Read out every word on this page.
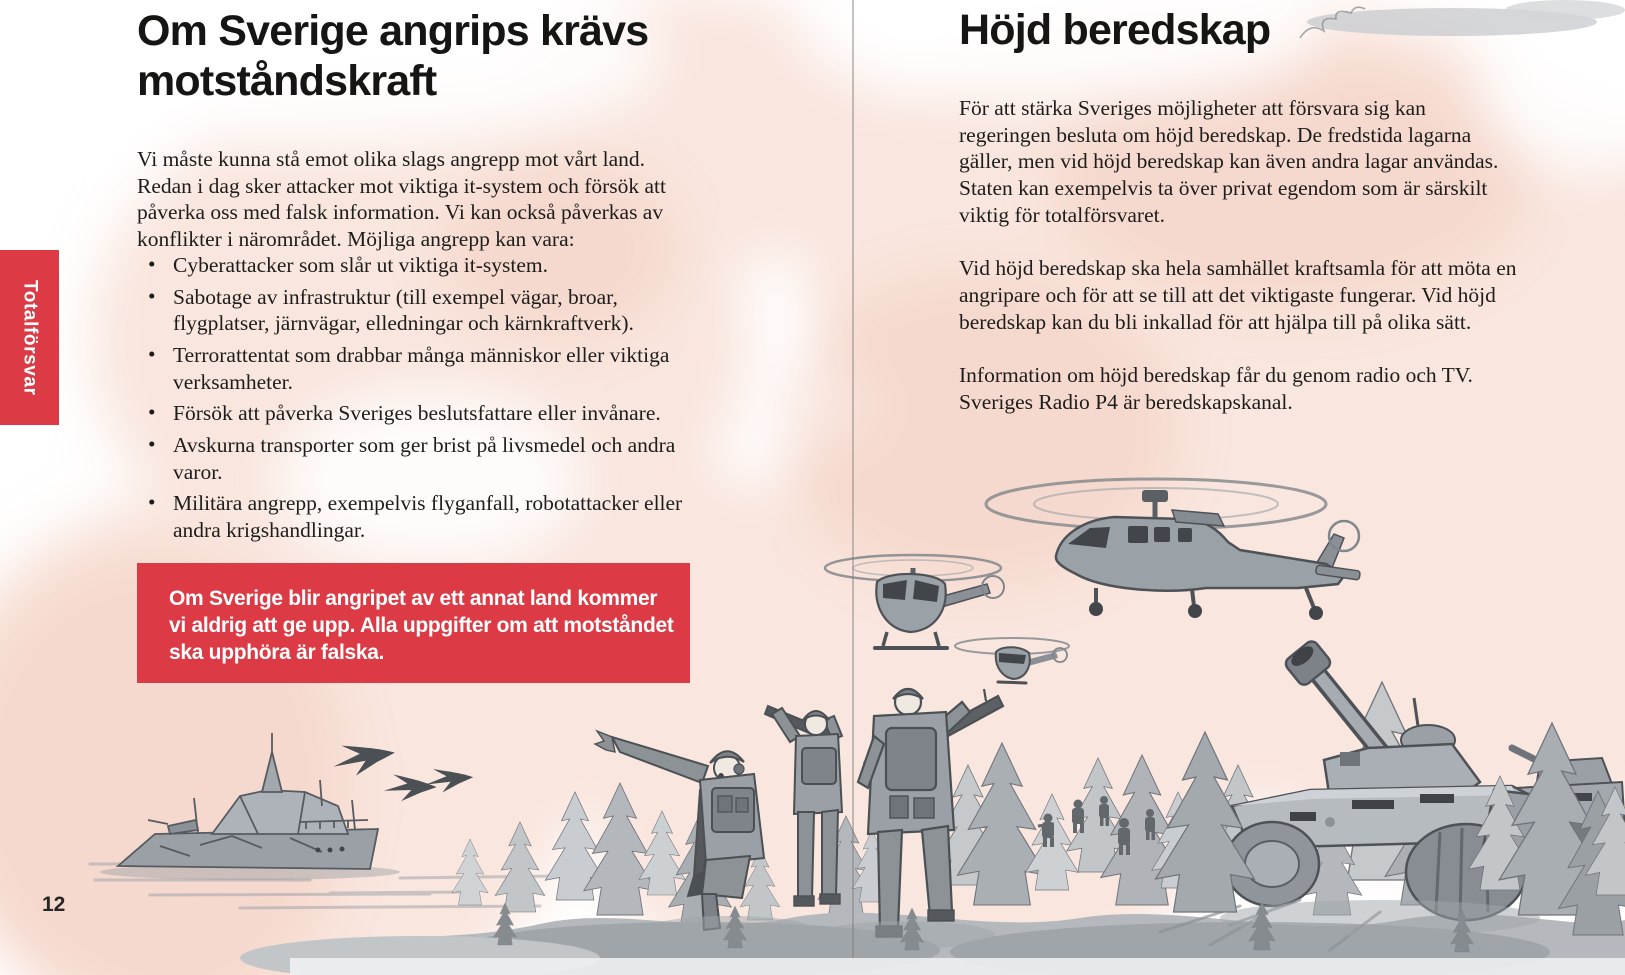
Totalförsvar
Om Sverige angrips krävs motståndskraft
Vi måste kunna stå emot olika slags angrepp mot vårt land. Redan i dag sker attacker mot viktiga it-system och försök att påverka oss med falsk information. Vi kan också påverkas av konflikter i närområdet. Möjliga angrepp kan vara:
• Cyberattacker som slår ut viktiga it-system.
• Sabotage av infrastruktur (till exempel vägar, broar, flygplatser, järnvägar, elledningar och kärnkraftverk).
• Terrorattentat som drabbar många människor eller viktiga verksamheter.
• Försök att påverka Sveriges beslutsfattare eller invånare.
• Avskurna transporter som ger brist på livsmedel och andra varor.
• Militära angrepp, exempelvis flyganfall, robotattacker eller andra krigshandlingar.
Om Sverige blir angripet av ett annat land kommer vi aldrig att ge upp. Alla uppgifter om att motståndet ska upphöra är falska.
12
Höjd beredskap

För att stärka Sveriges möjligheter att försvara sig kan regeringen besluta om höjd beredskap. De fredstida lagarna gäller, men vid höjd beredskap kan även andra lagar användas. Staten kan exempelvis ta över privat egendom som är särskilt viktig för totalförsvaret.

Vid höjd beredskap ska hela samhället kraftsamla för att möta en angripare och för att se till att det viktigaste fungerar. Vid höjd beredskap kan du bli inkallad för att hjälpa till på olika sätt.

Information om höjd beredskap får du genom radio och TV. Sveriges Radio P4 är beredskapskanal.
